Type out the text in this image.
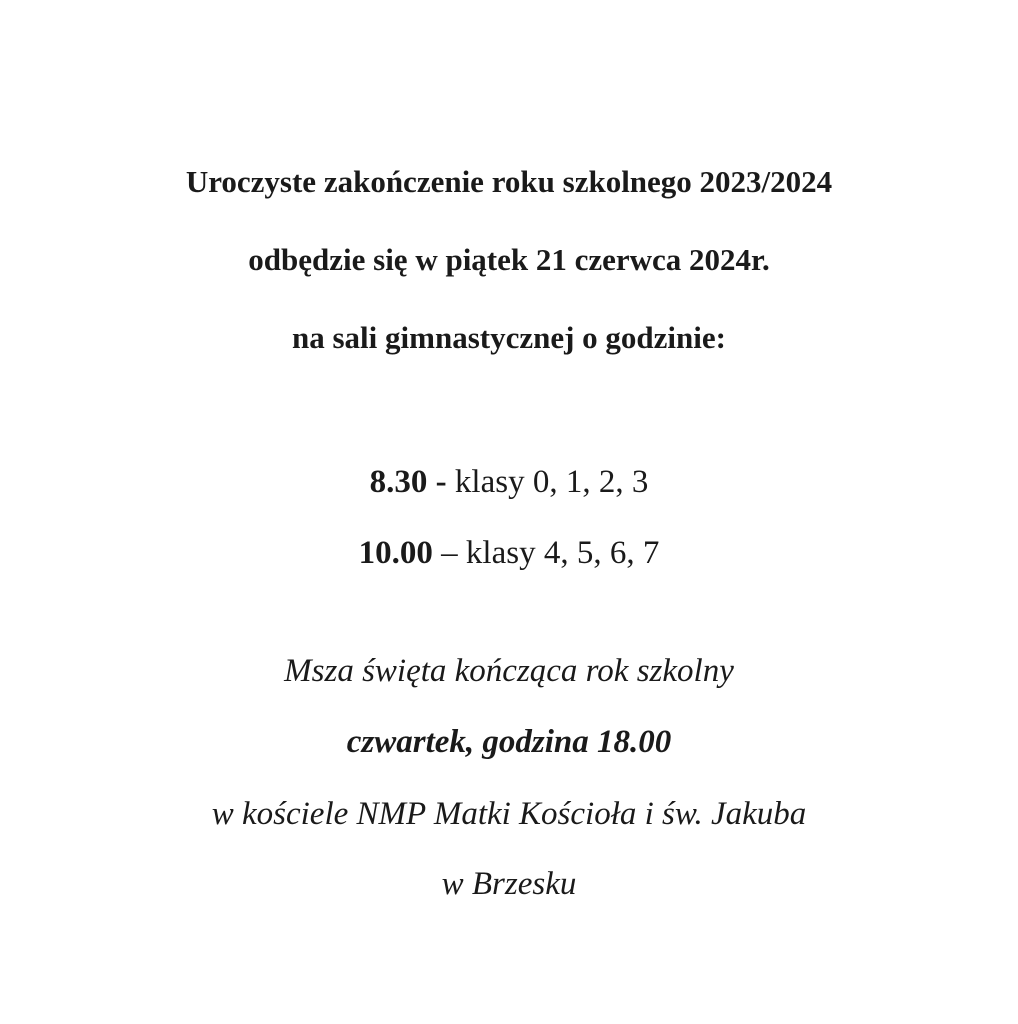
Uroczyste zakończenie roku szkolnego 2023/2024
odbędzie się w piątek 21 czerwca 2024r.
na sali gimnastycznej o godzinie:
8.30 - klasy 0, 1, 2, 3
10.00 – klasy 4, 5, 6, 7
Msza święta kończąca rok szkolny
czwartek, godzina 18.00
w kościele NMP Matki Kościoła i św. Jakuba
w Brzesku
